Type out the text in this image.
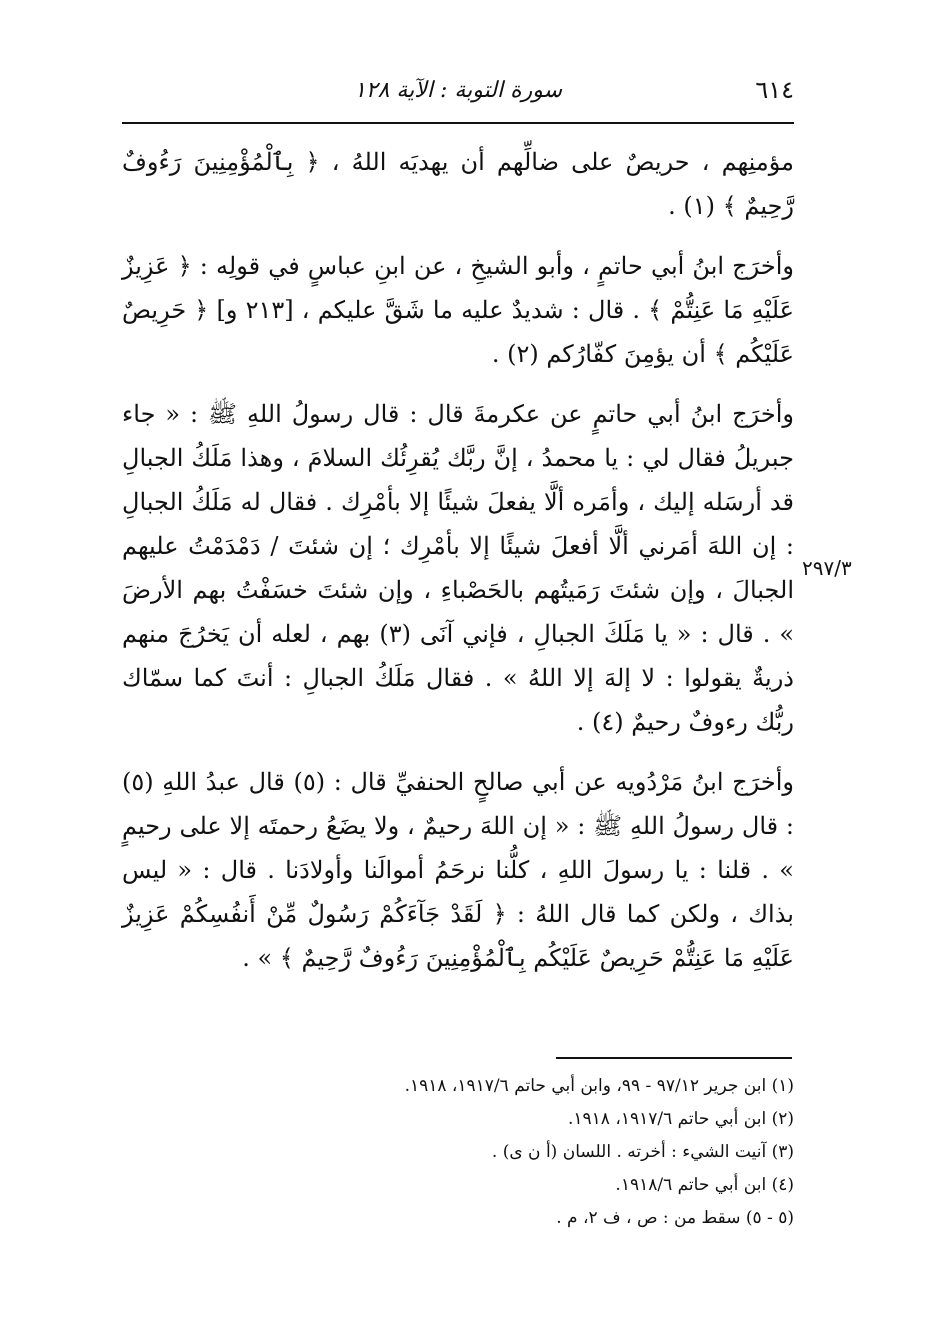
٦١٤
سورة التوبة : الآية ١٢٨
٢٩٧/٣

مؤمنِهم ، حريصٌ على ضالِّهم أن يهديَه اللهُ ، ﴿ بِٱلْمُؤْمِنِينَ رَءُوفٌ رَّحِيمٌ ﴾ (١) .

وأخرَج ابنُ أبي حاتمٍ ، وأبو الشيخِ ، عن ابنِ عباسٍ في قولِه : ﴿ عَزِيزٌ عَلَيْهِ مَا عَنِتُّمْ ﴾ . قال : شديدٌ عليه ما شَقَّ عليكم ، [٢١٣ و] ﴿ حَرِيصٌ عَلَيْكُم ﴾ أن يؤمِنَ كفّارُكم (٢) .

وأخرَج ابنُ أبي حاتمٍ عن عكرمةَ قال : قال رسولُ اللهِ ﷺ : « جاء جبريلُ فقال لي : يا محمدُ ، إنَّ ربَّك يُقرِئُك السلامَ ، وهذا مَلَكُ الجبالِ قد أرسَله إليك ، وأمَره ألَّا يفعلَ شيئًا إلا بأمْرِك . فقال له مَلَكُ الجبالِ : إن اللهَ أمَرني ألَّا أفعلَ شيئًا إلا بأمْرِك ؛ إن شئتَ / دَمْدَمْتُ عليهم الجبالَ ، وإن شئتَ رَمَيتُهم بالحَصْباءِ ، وإن شئتَ خسَفْتُ بهم الأرضَ » . قال : « يا مَلَكَ الجبالِ ، فإني آنَى (٣) بهم ، لعله أن يَخرُجَ منهم ذريةٌ يقولوا : لا إلهَ إلا اللهُ » . فقال مَلَكُ الجبالِ : أنتَ كما سمّاك ربُّك رءوفٌ رحيمٌ (٤) .

وأخرَج ابنُ مَرْدُويه عن أبي صالحٍ الحنفيِّ قال : (٥) قال عبدُ اللهِ (٥) : قال رسولُ اللهِ ﷺ : « إن اللهَ رحيمٌ ، ولا يضَعُ رحمتَه إلا على رحيمٍ » . قلنا : يا رسولَ اللهِ ، كلُّنا نرحَمُ أموالَنا وأولادَنا . قال : « ليس بذاك ، ولكن كما قال اللهُ : ﴿ لَقَدْ جَآءَكُمْ رَسُولٌ مِّنْ أَنفُسِكُمْ عَزِيزٌ عَلَيْهِ مَا عَنِتُّمْ حَرِيصٌ عَلَيْكُم بِٱلْمُؤْمِنِينَ رَءُوفٌ رَّحِيمٌ ﴾ » .

(١) ابن جرير ٩٧/١٢ - ٩٩، وابن أبي حاتم ١٩١٧/٦، ١٩١٨.
(٢) ابن أبي حاتم ١٩١٧/٦، ١٩١٨.
(٣) آنيت الشيء : أخرته . اللسان (أ ن ى) .
(٤) ابن أبي حاتم ١٩١٨/٦.
(٥ - ٥) سقط من : ص ، ف ٢، م .
